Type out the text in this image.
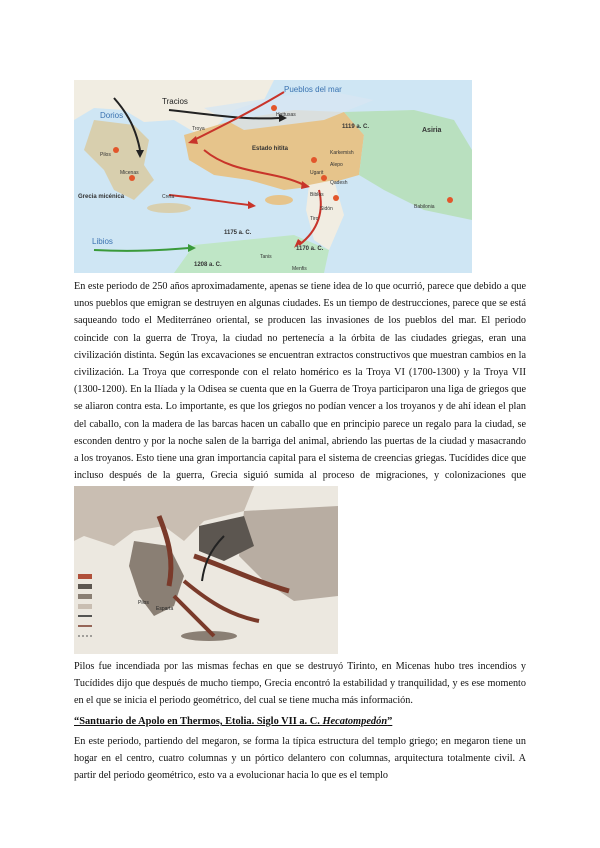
Tracios
Pueblos del mar
Dorios
Estado hitita
Asiria
Grecia micénica
Libios
Micenas
Creta
Hattusas
Troya
Pilos
Ugarit
Alepo
Karkemish
Qadesh
Biblos
Sidón
Tiro
Babilonia
Menfis
Tanis
1119 a. C.
1175 a. C.
1208 a. C.
1170 a. C.

En este periodo de 250 años aproximadamente, apenas se tiene idea de lo que ocurrió, parece que debido a que unos pueblos que emigran se destruyen en algunas ciudades. Es un tiempo de destrucciones, parece que se está saqueando todo el Mediterráneo oriental, se producen las invasiones de los pueblos del mar. El periodo coincide con la guerra de Troya, la ciudad no pertenecía a la órbita de las ciudades griegas, eran una civilización distinta. Según las excavaciones se encuentran extractos constructivos que muestran cambios en la civilización. La Troya que corresponde con el relato homérico es la Troya VI (1700-1300) y la Troya VII (1300-1200). En la Ilíada y la Odisea se cuenta que en la Guerra de Troya participaron una liga de griegos que se aliaron contra esta. Lo importante, es que los griegos no podían vencer a los troyanos y de ahí idean el plan del caballo, con la madera de las barcas hacen un caballo que en principio parece un regalo para la ciudad, se esconden dentro y por la noche salen de la barriga del animal, abriendo las puertas de la ciudad y masacrando a los troyanos. Esto tiene una gran importancia capital para el sistema de creencias griegas. Tucídides dice que incluso después de la guerra, Grecia siguió sumida al proceso de migraciones, y colonizaciones que

Pilos
Esparta

Pilos fue incendiada por las mismas fechas en que se destruyó Tirinto, en Micenas hubo tres incendios y Tucídides dijo que después de mucho tiempo, Grecia encontró la estabilidad y tranquilidad, y es ese momento en el que se inicia el periodo geométrico, del cual se tiene mucha más información.

“Santuario de Apolo en Thermos, Etolia. Siglo VII a. C. Hecatompedón”

En este periodo, partiendo del megaron, se forma la típica estructura del templo griego; en megaron tiene un hogar en el centro, cuatro columnas y un pórtico delantero con columnas, arquitectura totalmente civil. A partir del periodo geométrico, esto va a evolucionar hacia lo que es el templo
